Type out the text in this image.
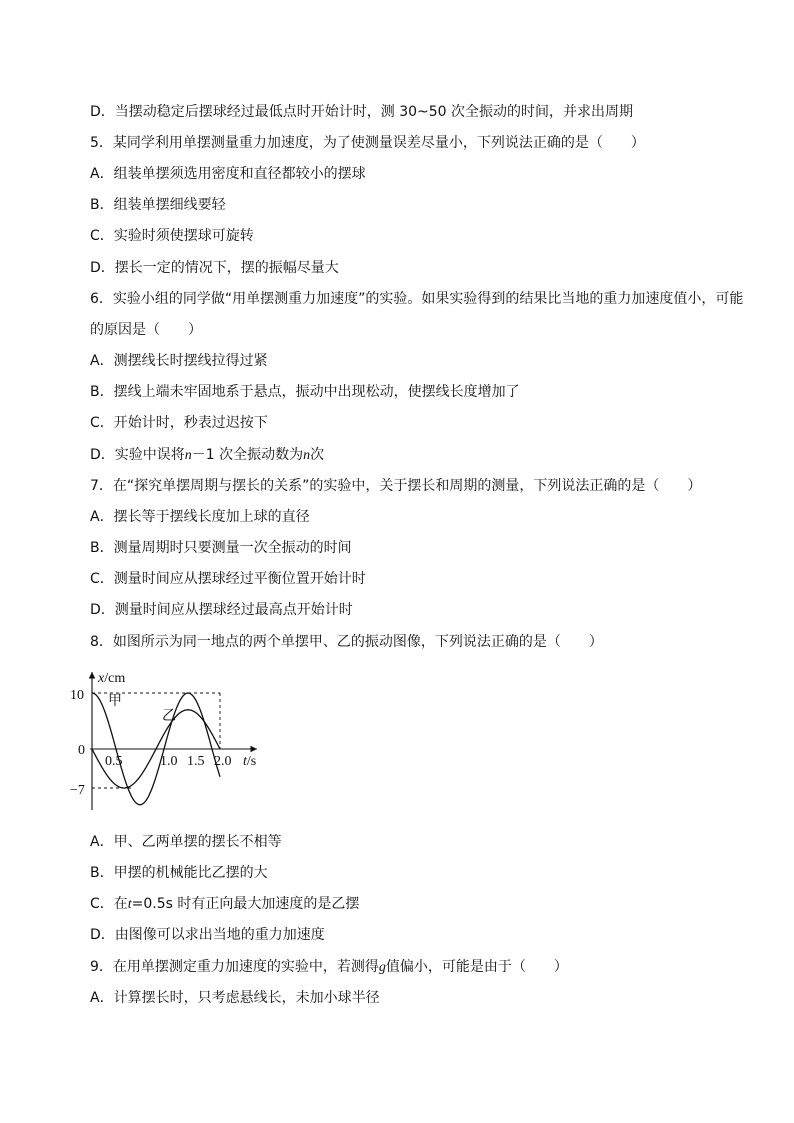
D．当摆动稳定后摆球经过最低点时开始计时，测 30~50 次全振动的时间，并求出周期
5．某同学利用单摆测量重力加速度，为了使测量误差尽量小，下列说法正确的是（　　）
A．组装单摆须选用密度和直径都较小的摆球
B．组装单摆细线要轻
C．实验时须使摆球可旋转
D．摆长一定的情况下，摆的振幅尽量大
6．实验小组的同学做“用单摆测重力加速度”的实验。如果实验得到的结果比当地的重力加速度值小，可能
的原因是（　　）
A．测摆线长时摆线拉得过紧
B．摆线上端未牢固地系于悬点，振动中出现松动，使摆线长度增加了
C．开始计时，秒表过迟按下
D．实验中误将n－1 次全振动数为n次
7．在“探究单摆周期与摆长的关系”的实验中，关于摆长和周期的测量，下列说法正确的是（　　）
A．摆长等于摆线长度加上球的直径
B．测量周期时只要测量一次全振动的时间
C．测量时间应从摆球经过平衡位置开始计时
D．测量时间应从摆球经过最高点开始计时
8．如图所示为同一地点的两个单摆甲、乙的振动图像，下列说法正确的是（　　）
x/cm
t/s
10
0
−7
0.5	1.0 1.5 2.0
甲
乙
A．甲、乙两单摆的摆长不相等
B．甲摆的机械能比乙摆的大
C．在t=0.5s 时有正向最大加速度的是乙摆
D．由图像可以求出当地的重力加速度
9．在用单摆测定重力加速度的实验中，若测得g值偏小，可能是由于（　　）
A．计算摆长时，只考虑悬线长，未加小球半径
